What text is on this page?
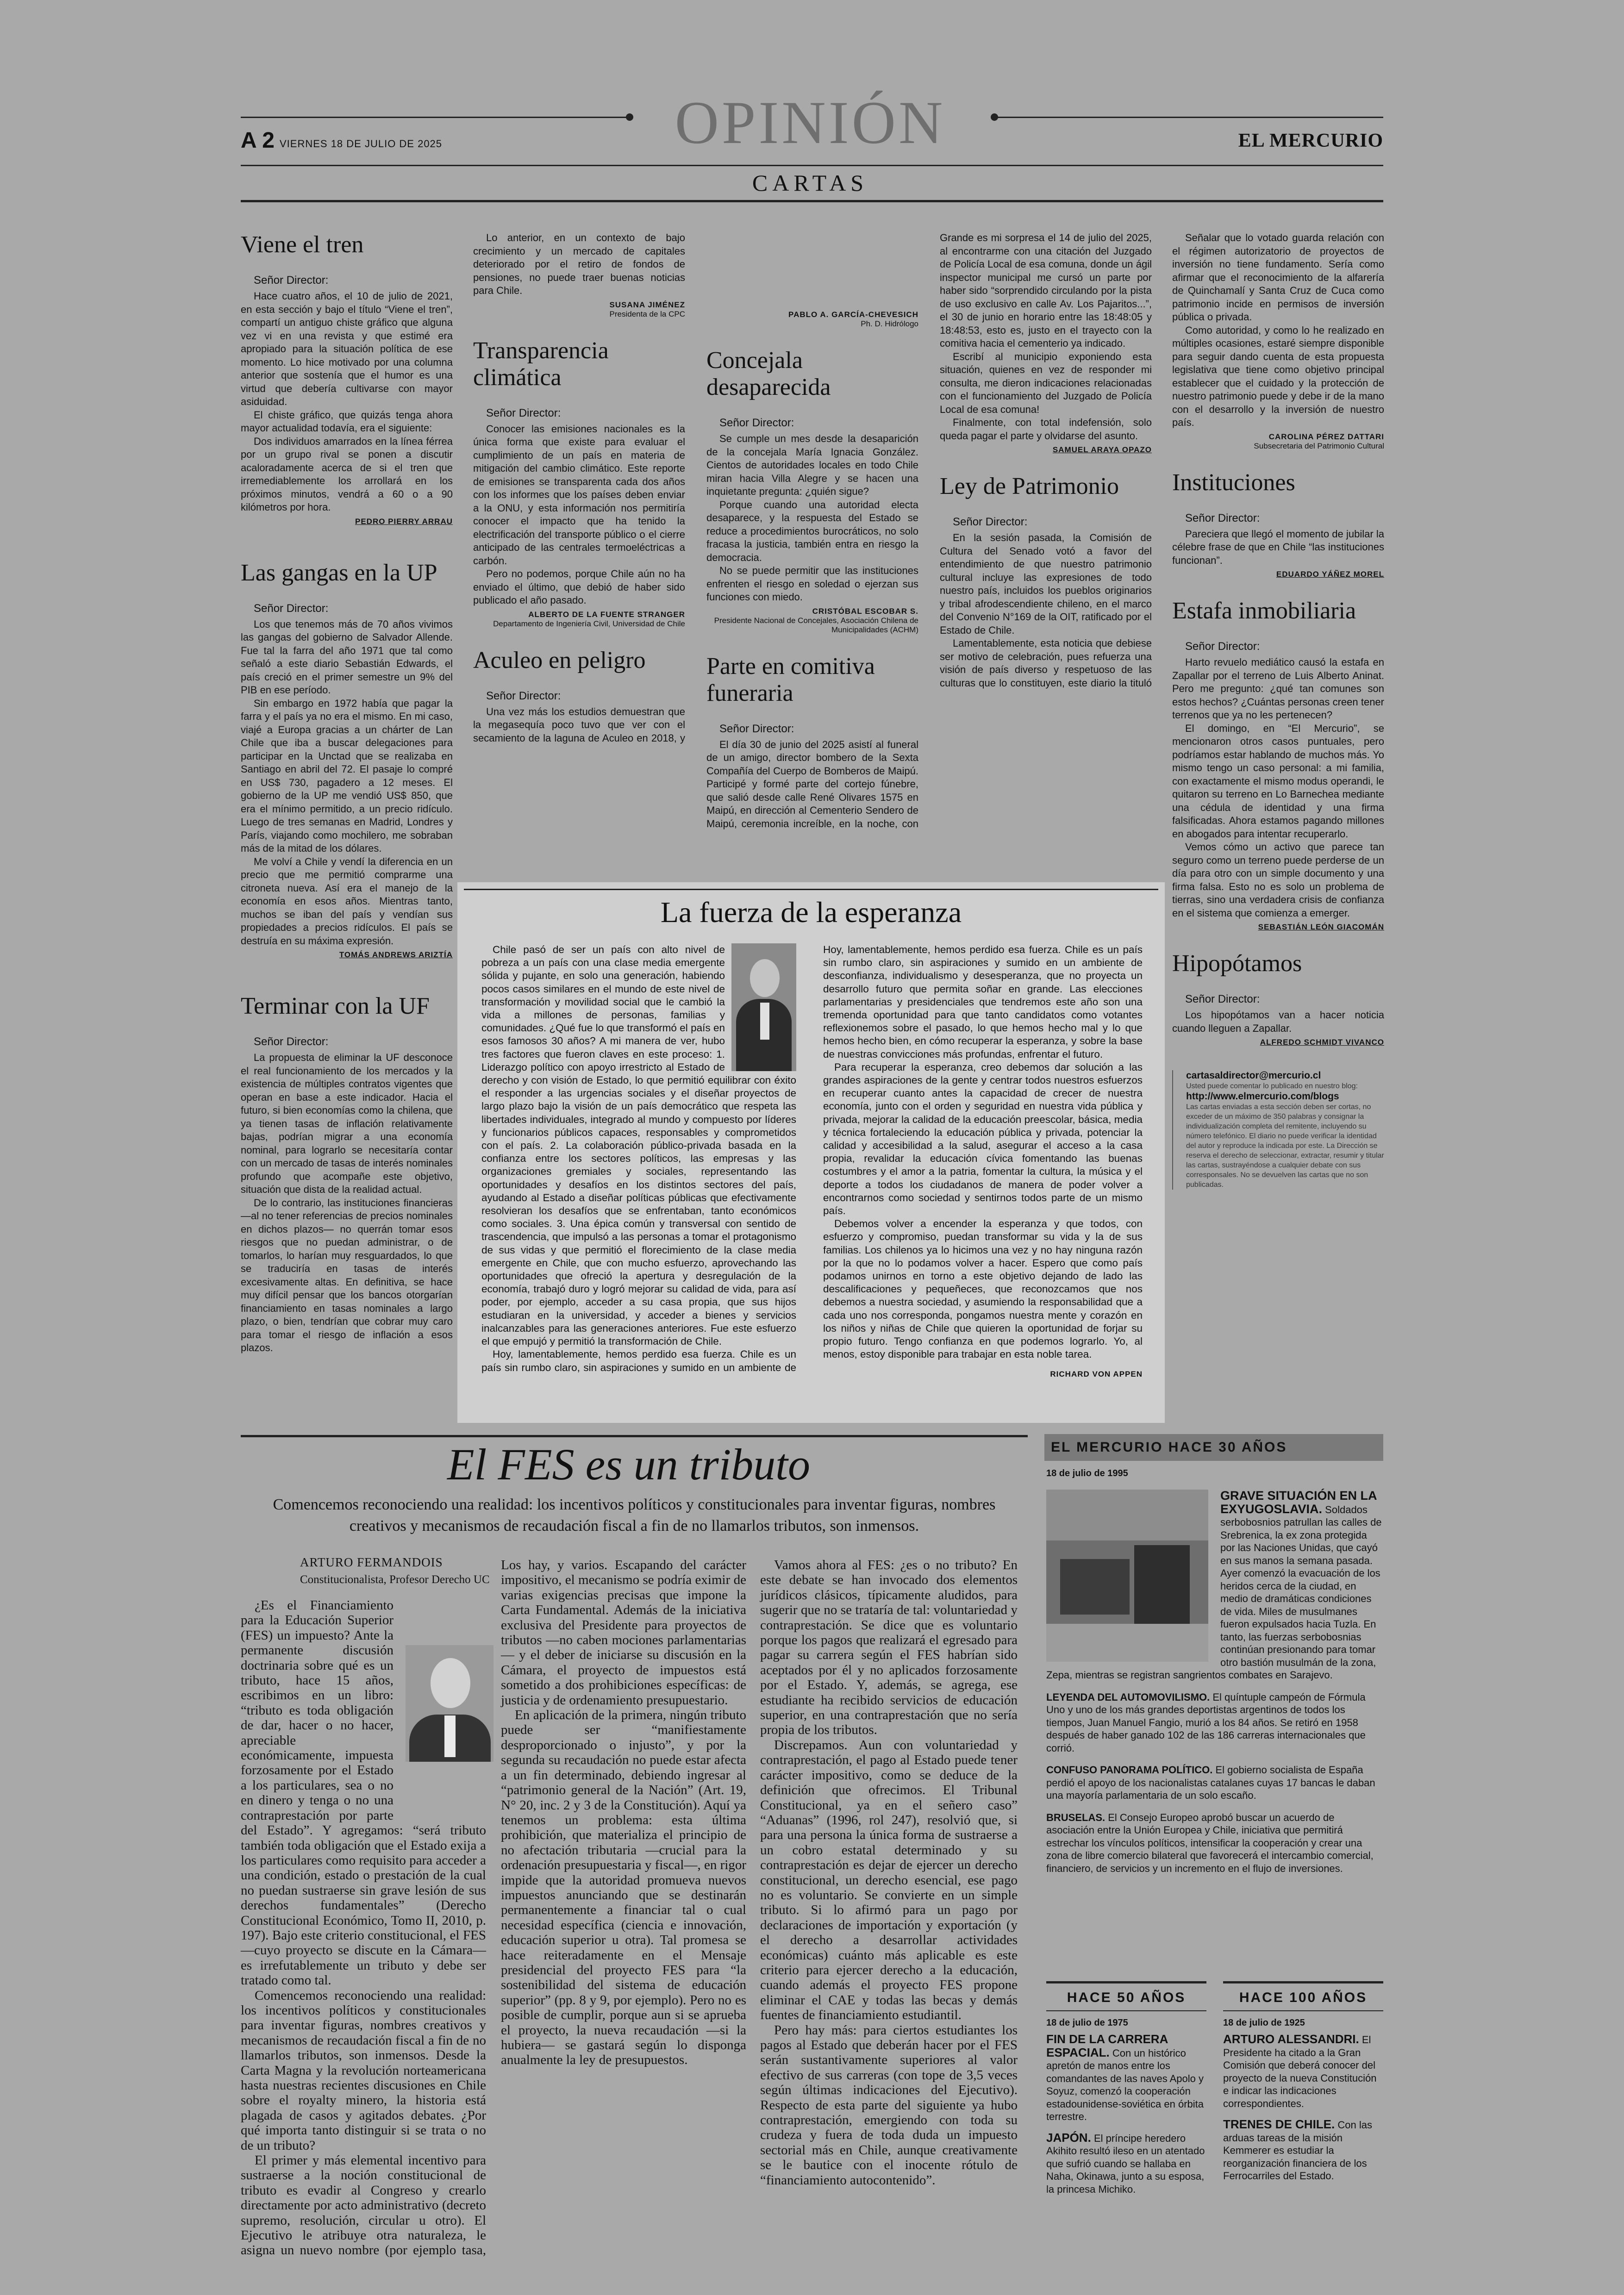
A 2 VIERNES 18 DE JULIO DE 2025	OPINIÓN	EL MERCURIO
CARTAS
Viene el tren

Señor Director:

Hace cuatro años, el 10 de julio de 2021, en esta sección y bajo el título “Viene el tren”, compartí un antiguo chiste gráfico que alguna vez vi en una revista y que estimé era apropiado para la situación política de ese momento. Lo hice motivado por una columna anterior que sostenía que el humor es una virtud que debería cultivarse con mayor asiduidad.

El chiste gráfico, que quizás tenga ahora mayor actualidad todavía, era el siguiente:

Dos individuos amarrados en la línea férrea por un grupo rival se ponen a discutir acaloradamente acerca de si el tren que irremediablemente los arrollará en los próximos minutos, vendrá a 60 o a 90 kilómetros por hora.

PEDRO PIERRY ARRAU
Las gangas en la UP

Señor Director:

Los que tenemos más de 70 años vivimos las gangas del gobierno de Salvador Allende. Fue tal la farra del año 1971 que tal como señaló a este diario Sebastián Edwards, el país creció en el primer semestre un 9% del PIB en ese período.

Sin embargo en 1972 había que pagar la farra y el país ya no era el mismo. En mi caso, viajé a Europa gracias a un chárter de Lan Chile que iba a buscar delegaciones para participar en la Unctad que se realizaba en Santiago en abril del 72. El pasaje lo compré en US$ 730, pagadero a 12 meses. El gobierno de la UP me vendió US$ 850, que era el mínimo permitido, a un precio ridículo. Luego de tres semanas en Madrid, Londres y París, viajando como mochilero, me sobraban más de la mitad de los dólares.

Me volví a Chile y vendí la diferencia en un precio que me permitió comprarme una citroneta nueva. Así era el manejo de la economía en esos años. Mientras tanto, muchos se iban del país y vendían sus propiedades a precios ridículos. El país se destruía en su máxima expresión.

TOMÁS ANDREWS ARIZTÍA
Terminar con la UF

Señor Director:

La propuesta de eliminar la UF desconoce el real funcionamiento de los mercados y la existencia de múltiples contratos vigentes que operan en base a este indicador. Hacia el futuro, si bien economías como la chilena, que ya tienen tasas de inflación relativamente bajas, podrían migrar a una economía nominal, para lograrlo se necesitaría contar con un mercado de tasas de interés nominales profundo que acompañe este objetivo, situación que dista de la realidad actual.

De lo contrario, las instituciones financieras —al no tener referencias de precios nominales en dichos plazos— no querrán tomar esos riesgos que no puedan administrar, o de tomarlos, lo harían muy resguardados, lo que se traduciría en tasas de interés excesivamente altas. En definitiva, se hace muy difícil pensar que los bancos otorgarían financiamiento en tasas nominales a largo plazo, o bien, tendrían que cobrar muy caro para tomar el riesgo de inflación a esos plazos.

Lo anterior, en un contexto de bajo crecimiento y un mercado de capitales deteriorado por el retiro de fondos de pensiones, no puede traer buenas noticias para Chile.

SUSANA JIMÉNEZ
Presidenta de la CPC
Transparencia climática

Señor Director:

Conocer las emisiones nacionales es la única forma que existe para evaluar el cumplimiento de un país en materia de mitigación del cambio climático. Este reporte de emisiones se transparenta cada dos años con los informes que los países deben enviar a la ONU, y esta información nos permitiría conocer el impacto que ha tenido la electrificación del transporte público o el cierre anticipado de las centrales termoeléctricas a carbón.

Pero no podemos, porque Chile aún no ha enviado el último, que debió de haber sido publicado el año pasado.

ALBERTO DE LA FUENTE STRANGER
Departamento de Ingeniería Civil, Universidad de Chile
Aculeo en peligro

Señor Director:

Una vez más los estudios demuestran que la megasequía poco tuvo que ver con el secamiento de la laguna de Aculeo en 2018, y

PABLO A. GARCÍA-CHEVESICH
Ph. D. Hidrólogo
Concejala desaparecida

Señor Director:

Se cumple un mes desde la desaparición de la concejala María Ignacia González. Cientos de autoridades locales en todo Chile miran hacia Villa Alegre y se hacen una inquietante pregunta: ¿quién sigue?

Porque cuando una autoridad electa desaparece, y la respuesta del Estado se reduce a procedimientos burocráticos, no solo fracasa la justicia, también entra en riesgo la democracia.

No se puede permitir que las instituciones enfrenten el riesgo en soledad o ejerzan sus funciones con miedo.

CRISTÓBAL ESCOBAR S.
Presidente Nacional de Concejales, Asociación Chilena de Municipalidades (ACHM)
Parte en comitiva funeraria

Señor Director:

El día 30 de junio del 2025 asistí al funeral de un amigo, director bombero de la Sexta Compañía del Cuerpo de Bomberos de Maipú. Participé y formé parte del cortejo fúnebre, que salió desde calle René Olivares 1575 en Maipú, en dirección al Cementerio Sendero de Maipú, ceremonia increíble, en la noche, con

Grande es mi sorpresa el 14 de julio del 2025, al encontrarme con una citación del Juzgado de Policía Local de esa comuna, donde un ágil inspector municipal me cursó un parte por haber sido “sorprendido circulando por la pista de uso exclusivo en calle Av. Los Pajaritos...”, el 30 de junio en horario entre las 18:48:05 y 18:48:53, esto es, justo en el trayecto con la comitiva hacia el cementerio ya indicado.

Escribí al municipio exponiendo esta situación, quienes en vez de responder mi consulta, me dieron indicaciones relacionadas con el funcionamiento del Juzgado de Policía Local de esa comuna!

Finalmente, con total indefensión, solo queda pagar el parte y olvidarse del asunto.

SAMUEL ARAYA OPAZO
Ley de Patrimonio

Señor Director:

En la sesión pasada, la Comisión de Cultura del Senado votó a favor del entendimiento de que nuestro patrimonio cultural incluye las expresiones de todo nuestro país, incluidos los pueblos originarios y tribal afrodescendiente chileno, en el marco del Convenio N°169 de la OIT, ratificado por el Estado de Chile.

Lamentablemente, esta noticia que debiese ser motivo de celebración, pues refuerza una visión de país diverso y respetuoso de las culturas que lo constituyen, este diario la tituló

Señalar que lo votado guarda relación con el régimen autorizatorio de proyectos de inversión no tiene fundamento. Sería como afirmar que el reconocimiento de la alfarería de Quinchamalí y Santa Cruz de Cuca como patrimonio incide en permisos de inversión pública o privada.

Como autoridad, y como lo he realizado en múltiples ocasiones, estaré siempre disponible para seguir dando cuenta de esta propuesta legislativa que tiene como objetivo principal establecer que el cuidado y la protección de nuestro patrimonio puede y debe ir de la mano con el desarrollo y la inversión de nuestro país.

CAROLINA PÉREZ DATTARI
Subsecretaria del Patrimonio Cultural
Instituciones

Señor Director:

Pareciera que llegó el momento de jubilar la célebre frase de que en Chile “las instituciones funcionan”.

EDUARDO YÁÑEZ MOREL
Estafa inmobiliaria

Señor Director:

Harto revuelo mediático causó la estafa en Zapallar por el terreno de Luis Alberto Aninat. Pero me pregunto: ¿qué tan comunes son estos hechos? ¿Cuántas personas creen tener terrenos que ya no les pertenecen?

El domingo, en “El Mercurio”, se mencionaron otros casos puntuales, pero podríamos estar hablando de muchos más. Yo mismo tengo un caso personal: a mi familia, con exactamente el mismo modus operandi, le quitaron su terreno en Lo Barnechea mediante una cédula de identidad y una firma falsificadas. Ahora estamos pagando millones en abogados para intentar recuperarlo.

Vemos cómo un activo que parece tan seguro como un terreno puede perderse de un día para otro con un simple documento y una firma falsa. Esto no es solo un problema de tierras, sino una verdadera crisis de confianza en el sistema que comienza a emerger.

SEBASTIÁN LEÓN GIACOMÁN
Hipopótamos

Señor Director:

Los hipopótamos van a hacer noticia cuando lleguen a Zapallar.

ALFREDO SCHMIDT VIVANCO
cartasaldirector@mercurio.cl

Usted puede comentar lo publicado en nuestro blog:

http://www.elmercurio.com/blogs

Las cartas enviadas a esta sección deben ser cortas, no exceder de un máximo de 350 palabras y consignar la individualización completa del remitente, incluyendo su número telefónico. El diario no puede verificar la identidad del autor y reproduce la indicada por este. La Dirección se reserva el derecho de seleccionar, extractar, resumir y titular las cartas, sustrayéndose a cualquier debate con sus corresponsales. No se devuelven las cartas que no son publicadas.

La fuerza de la esperanza

Chile pasó de ser un país con alto nivel de pobreza a un país con una clase media emergente sólida y pujante, en solo una generación, habiendo pocos casos similares en el mundo de este nivel de transformación y movilidad social que le cambió la vida a millones de personas, familias y comunidades. ¿Qué fue lo que transformó el país en esos famosos 30 años? A mi manera de ver, hubo tres factores que fueron claves en este proceso: 1. Liderazgo político con apoyo irrestricto al Estado de derecho y con visión de Estado, lo que permitió equilibrar con éxito el responder a las urgencias sociales y el diseñar proyectos de largo plazo bajo la visión de un país democrático que respeta las libertades individuales, integrado al mundo y compuesto por líderes y funcionarios públicos capaces, responsables y comprometidos con el país. 2. La colaboración público-privada basada en la confianza entre los sectores políticos, las empresas y las organizaciones gremiales y sociales, representando las oportunidades y desafíos en los distintos sectores del país, ayudando al Estado a diseñar políticas públicas que efectivamente resolvieran los desafíos que se enfrentaban, tanto económicos como sociales. 3. Una épica común y transversal con sentido de trascendencia, que impulsó a las personas a tomar el protagonismo de sus vidas y que permitió el florecimiento de la clase media emergente en Chile, que con mucho esfuerzo, aprovechando las oportunidades que ofreció la apertura y desregulación de la economía, trabajó duro y logró mejorar su calidad de vida, para así poder, por ejemplo, acceder a su casa propia, que sus hijos estudiaran en la universidad, y acceder a bienes y servicios inalcanzables para las generaciones anteriores. Fue este esfuerzo el que empujó y permitió la transformación de Chile.

Hoy, lamentablemente, hemos perdido esa fuerza. Chile es un país sin rumbo claro, sin aspiraciones y sumido en un ambiente de

Hoy, lamentablemente, hemos perdido esa fuerza. Chile es un país sin rumbo claro, sin aspiraciones y sumido en un ambiente de desconfianza, individualismo y desesperanza, que no proyecta un desarrollo futuro que permita soñar en grande. Las elecciones parlamentarias y presidenciales que tendremos este año son una tremenda oportunidad para que tanto candidatos como votantes reflexionemos sobre el pasado, lo que hemos hecho mal y lo que hemos hecho bien, en cómo recuperar la esperanza, y sobre la base de nuestras convicciones más profundas, enfrentar el futuro.

Para recuperar la esperanza, creo debemos dar solución a las grandes aspiraciones de la gente y centrar todos nuestros esfuerzos en recuperar cuanto antes la capacidad de crecer de nuestra economía, junto con el orden y seguridad en nuestra vida pública y privada, mejorar la calidad de la educación preescolar, básica, media y técnica fortaleciendo la educación pública y privada, potenciar la calidad y accesibilidad a la salud, asegurar el acceso a la casa propia, revalidar la educación cívica fomentando las buenas costumbres y el amor a la patria, fomentar la cultura, la música y el deporte a todos los ciudadanos de manera de poder volver a encontrarnos como sociedad y sentirnos todos parte de un mismo país.

Debemos volver a encender la esperanza y que todos, con esfuerzo y compromiso, puedan transformar su vida y la de sus familias. Los chilenos ya lo hicimos una vez y no hay ninguna razón por la que no lo podamos volver a hacer. Espero que como país podamos unirnos en torno a este objetivo dejando de lado las descalificaciones y pequeñeces, que reconozcamos que nos debemos a nuestra sociedad, y asumiendo la responsabilidad que a cada uno nos corresponda, pongamos nuestra mente y corazón en los niños y niñas de Chile que quieren la oportunidad de forjar su propio futuro. Tengo confianza en que podemos lograrlo. Yo, al menos, estoy disponible para trabajar en esta noble tarea.

RICHARD VON APPEN
El FES es un tributo
Comencemos reconociendo una realidad: los incentivos políticos y constitucionales para inventar figuras, nombres creativos y mecanismos de recaudación fiscal a fin de no llamarlos tributos, son inmensos.
ARTURO FERMANDOIS
Constitucionalista, Profesor Derecho UC

¿Es el Financiamiento para la Educación Superior (FES) un impuesto? Ante la permanente discusión doctrinaria sobre qué es un tributo, hace 15 años, escribimos en un libro: “tributo es toda obligación de dar, hacer o no hacer, apreciable económicamente, impuesta forzosamente por el Estado a los particulares, sea o no en dinero y tenga o no una contraprestación por parte del Estado”. Y agregamos: “será tributo también toda obligación que el Estado exija a los particulares como requisito para acceder a una condición, estado o prestación de la cual no puedan sustraerse sin grave lesión de sus derechos fundamentales” (Derecho Constitucional Económico, Tomo II, 2010, p. 197). Bajo este criterio constitucional, el FES —cuyo proyecto se discute en la Cámara— es irrefutablemente un tributo y debe ser tratado como tal.

Comencemos reconociendo una realidad: los incentivos políticos y constitucionales para inventar figuras, nombres creativos y mecanismos de recaudación fiscal a fin de no llamarlos tributos, son inmensos. Desde la Carta Magna y la revolución norteamericana hasta nuestras recientes discusiones en Chile sobre el royalty minero, la historia está plagada de casos y agitados debates. ¿Por qué importa tanto distinguir si se trata o no de un tributo?

El primer y más elemental incentivo para sustraerse a la noción constitucional de tributo es evadir al Congreso y crearlo directamente por acto administrativo (decreto supremo, resolución, circular u otro). El Ejecutivo le atribuye otra naturaleza, le asigna un nuevo nombre (por ejemplo tasa,

Los hay, y varios. Escapando del carácter impositivo, el mecanismo se podría eximir de varias exigencias precisas que impone la Carta Fundamental. Además de la iniciativa exclusiva del Presidente para proyectos de tributos —no caben mociones parlamentarias— y el deber de iniciarse su discusión en la Cámara, el proyecto de impuestos está sometido a dos prohibiciones específicas: de justicia y de ordenamiento presupuestario.

En aplicación de la primera, ningún tributo puede ser “manifiestamente desproporcionado o injusto”, y por la segunda su recaudación no puede estar afecta a un fin determinado, debiendo ingresar al “patrimonio general de la Nación” (Art. 19, N° 20, inc. 2 y 3 de la Constitución). Aquí ya tenemos un problema: esta última prohibición, que materializa el principio de no afectación tributaria —crucial para la ordenación presupuestaria y fiscal—, en rigor impide que la autoridad promueva nuevos impuestos anunciando que se destinarán permanentemente a financiar tal o cual necesidad específica (ciencia e innovación, educación superior u otra). Tal promesa se hace reiteradamente en el Mensaje presidencial del proyecto FES para “la sostenibilidad del sistema de educación superior” (pp. 8 y 9, por ejemplo). Pero no es posible de cumplir, porque aun si se aprueba el proyecto, la nueva recaudación —si la hubiera— se gastará según lo disponga anualmente la ley de presupuestos.

Vamos ahora al FES: ¿es o no tributo? En este debate se han invocado dos elementos jurídicos clásicos, típicamente aludidos, para sugerir que no se trataría de tal: voluntariedad y contraprestación. Se dice que es voluntario porque los pagos que realizará el egresado para pagar su carrera según el FES habrían sido aceptados por él y no aplicados forzosamente por el Estado. Y, además, se agrega, ese estudiante ha recibido servicios de educación superior, en una contraprestación que no sería propia de los tributos.

Discrepamos. Aun con voluntariedad y contraprestación, el pago al Estado puede tener carácter impositivo, como se deduce de la definición que ofrecimos. El Tribunal Constitucional, ya en el señero caso” “Aduanas” (1996, rol 247), resolvió que, si para una persona la única forma de sustraerse a un cobro estatal determinado y su contraprestación es dejar de ejercer un derecho constitucional, un derecho esencial, ese pago no es voluntario. Se convierte en un simple tributo. Si lo afirmó para un pago por declaraciones de importación y exportación (y el derecho a desarrollar actividades económicas) cuánto más aplicable es este criterio para ejercer derecho a la educación, cuando además el proyecto FES propone eliminar el CAE y todas las becas y demás fuentes de financiamiento estudiantil.

Pero hay más: para ciertos estudiantes los pagos al Estado que deberán hacer por el FES serán sustantivamente superiores al valor efectivo de sus carreras (con tope de 3,5 veces según últimas indicaciones del Ejecutivo). Respecto de esta parte del siguiente ya hubo contraprestación, emergiendo con toda su crudeza y fuera de toda duda un impuesto sectorial más en Chile, aunque creativamente se le bautice con el inocente rótulo de “financiamiento autocontenido”.

EL MERCURIO HACE 30 AÑOS
18 de julio de 1995

GRAVE SITUACIÓN EN LA EXYUGOSLAVIA. Soldados serbobosnios patrullan las calles de Srebrenica, la ex zona protegida por las Naciones Unidas, que cayó en sus manos la semana pasada. Ayer comenzó la evacuación de los heridos cerca de la ciudad, en medio de dramáticas condiciones de vida. Miles de musulmanes fueron expulsados hacia Tuzla. En tanto, las fuerzas serbobosnias continúan presionando para tomar otro bastión musulmán de la zona, Zepa, mientras se registran sangrientos combates en Sarajevo.

LEYENDA DEL AUTOMOVILISMO. El quíntuple campeón de Fórmula Uno y uno de los más grandes deportistas argentinos de todos los tiempos, Juan Manuel Fangio, murió a los 84 años. Se retiró en 1958 después de haber ganado 102 de las 186 carreras internacionales que corrió.

CONFUSO PANORAMA POLÍTICO. El gobierno socialista de España perdió el apoyo de los nacionalistas catalanes cuyas 17 bancas le daban una mayoría parlamentaria de un solo escaño.

BRUSELAS. El Consejo Europeo aprobó buscar un acuerdo de asociación entre la Unión Europea y Chile, iniciativa que permitirá estrechar los vínculos políticos, intensificar la cooperación y crear una zona de libre comercio bilateral que favorecerá el intercambio comercial, financiero, de servicios y un incremento en el flujo de inversiones.

HACE 50 AÑOS
18 de julio de 1975

FIN DE LA CARRERA ESPACIAL. Con un histórico apretón de manos entre los comandantes de las naves Apolo y Soyuz, comenzó la cooperación estadounidense-soviética en órbita terrestre.

JAPÓN. El príncipe heredero Akihito resultó ileso en un atentado que sufrió cuando se hallaba en Naha, Okinawa, junto a su esposa, la princesa Michiko.

HACE 100 AÑOS
18 de julio de 1925

ARTURO ALESSANDRI. El Presidente ha citado a la Gran Comisión que deberá conocer del proyecto de la nueva Constitución e indicar las indicaciones correspondientes.

TRENES DE CHILE. Con las arduas tareas de la misión Kemmerer es estudiar la reorganización financiera de los Ferrocarriles del Estado.
